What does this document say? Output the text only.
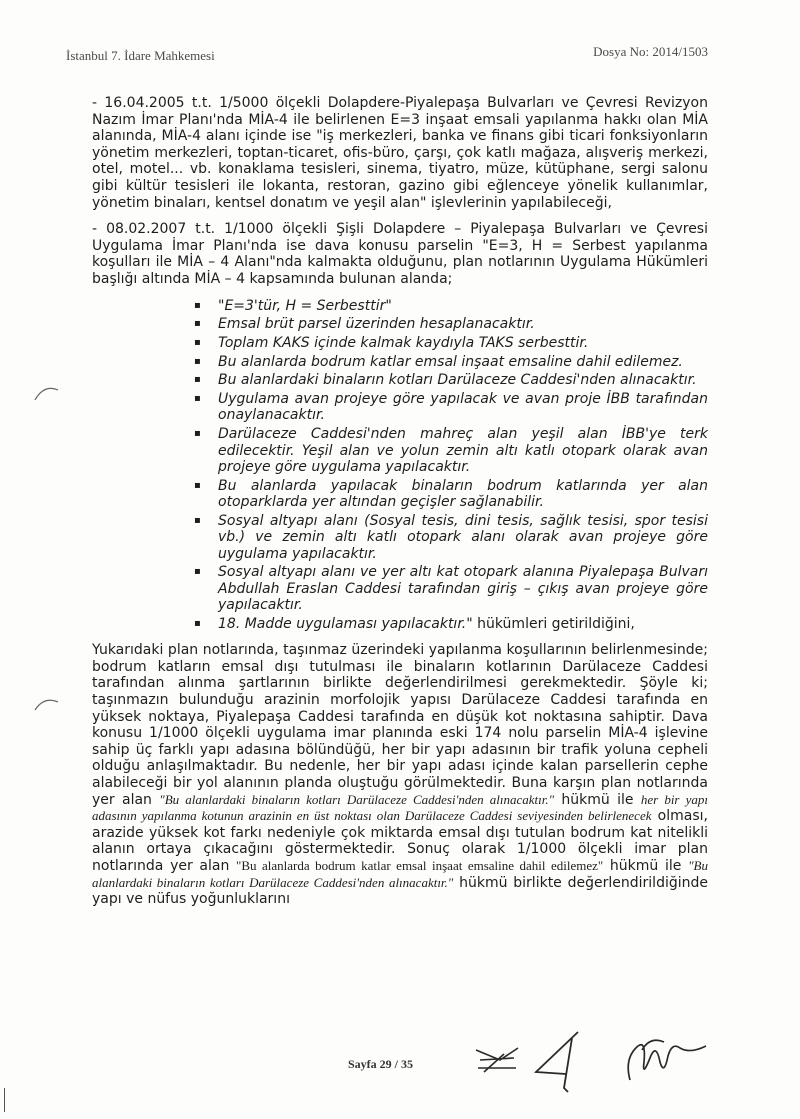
İstanbul 7. İdare Mahkemesi	Dosya No: 2014/1503

- 16.04.2005 t.t. 1/5000 ölçekli Dolapdere-Piyalepaşa Bulvarları ve Çevresi Revizyon Nazım İmar Planı'nda MİA-4 ile belirlenen E=3 inşaat emsali yapılanma hakkı olan MİA alanında, MİA-4 alanı içinde ise "iş merkezleri, banka ve finans gibi ticari fonksiyonların yönetim merkezleri, toptan-ticaret, ofis-büro, çarşı, çok katlı mağaza, alışveriş merkezi, otel, motel... vb. konaklama tesisleri, sinema, tiyatro, müze, kütüphane, sergi salonu gibi kültür tesisleri ile lokanta, restoran, gazino gibi eğlenceye yönelik kullanımlar, yönetim binaları, kentsel donatım ve yeşil alan" işlevlerinin yapılabileceği,

- 08.02.2007 t.t. 1/1000 ölçekli Şişli Dolapdere – Piyalepaşa Bulvarları ve Çevresi Uygulama İmar Planı'nda ise dava konusu parselin "E=3, H = Serbest yapılanma koşulları ile MİA – 4 Alanı"nda kalmakta olduğunu, plan notlarının Uygulama Hükümleri başlığı altında MİA – 4 kapsamında bulunan alanda;

▪ "E=3'tür, H = Serbesttir"
▪ Emsal brüt parsel üzerinden hesaplanacaktır.
▪ Toplam KAKS içinde kalmak kaydıyla TAKS serbesttir.
▪ Bu alanlarda bodrum katlar emsal inşaat emsaline dahil edilemez.
▪ Bu alanlardaki binaların kotları Darülaceze Caddesi'nden alınacaktır.
▪ Uygulama avan projeye göre yapılacak ve avan proje İBB tarafından onaylanacaktır.
▪ Darülaceze Caddesi'nden mahreç alan yeşil alan İBB'ye terk edilecektir. Yeşil alan ve yolun zemin altı katlı otopark olarak avan projeye göre uygulama yapılacaktır.
▪ Bu alanlarda yapılacak binaların bodrum katlarında yer alan otoparklarda yer altından geçişler sağlanabilir.
▪ Sosyal altyapı alanı (Sosyal tesis, dini tesis, sağlık tesisi, spor tesisi vb.) ve zemin altı katlı otopark alanı olarak avan projeye göre uygulama yapılacaktır.
▪ Sosyal altyapı alanı ve yer altı kat otopark alanına Piyalepaşa Bulvarı Abdullah Eraslan Caddesi tarafından giriş – çıkış avan projeye göre yapılacaktır.
▪ 18. Madde uygulaması yapılacaktır." hükümleri getirildiğini,

Yukarıdaki plan notlarında, taşınmaz üzerindeki yapılanma koşullarının belirlenmesinde; bodrum katların emsal dışı tutulması ile binaların kotlarının Darülaceze Caddesi tarafından alınma şartlarının birlikte değerlendirilmesi gerekmektedir. Şöyle ki; taşınmazın bulunduğu arazinin morfolojik yapısı Darülaceze Caddesi tarafında en yüksek noktaya, Piyalepaşa Caddesi tarafında en düşük kot noktasına sahiptir. Dava konusu 1/1000 ölçekli uygulama imar planında eski 174 nolu parselin MİA-4 işlevine sahip üç farklı yapı adasına bölündüğü, her bir yapı adasının bir trafik yoluna cepheli olduğu anlaşılmaktadır. Bu nedenle, her bir yapı adası içinde kalan parsellerin cephe alabileceği bir yol alanının planda oluştuğu görülmektedir. Buna karşın plan notlarında yer alan "Bu alanlardaki binaların kotları Darülaceze Caddesi'nden alınacaktır." hükmü ile her bir yapı adasının yapılanma kotunun arazinin en üst noktası olan Darülaceze Caddesi seviyesinden belirlenecek olması, arazide yüksek kot farkı nedeniyle çok miktarda emsal dışı tutulan bodrum kat nitelikli alanın ortaya çıkacağını göstermektedir. Sonuç olarak 1/1000 ölçekli imar plan notlarında yer alan "Bu alanlarda bodrum katlar emsal inşaat emsaline dahil edilemez" hükmü ile "Bu alanlardaki binaların kotları Darülaceze Caddesi'nden alınacaktır." hükmü birlikte değerlendirildiğinde yapı ve nüfus yoğunluklarını

Sayfa 29 / 35
